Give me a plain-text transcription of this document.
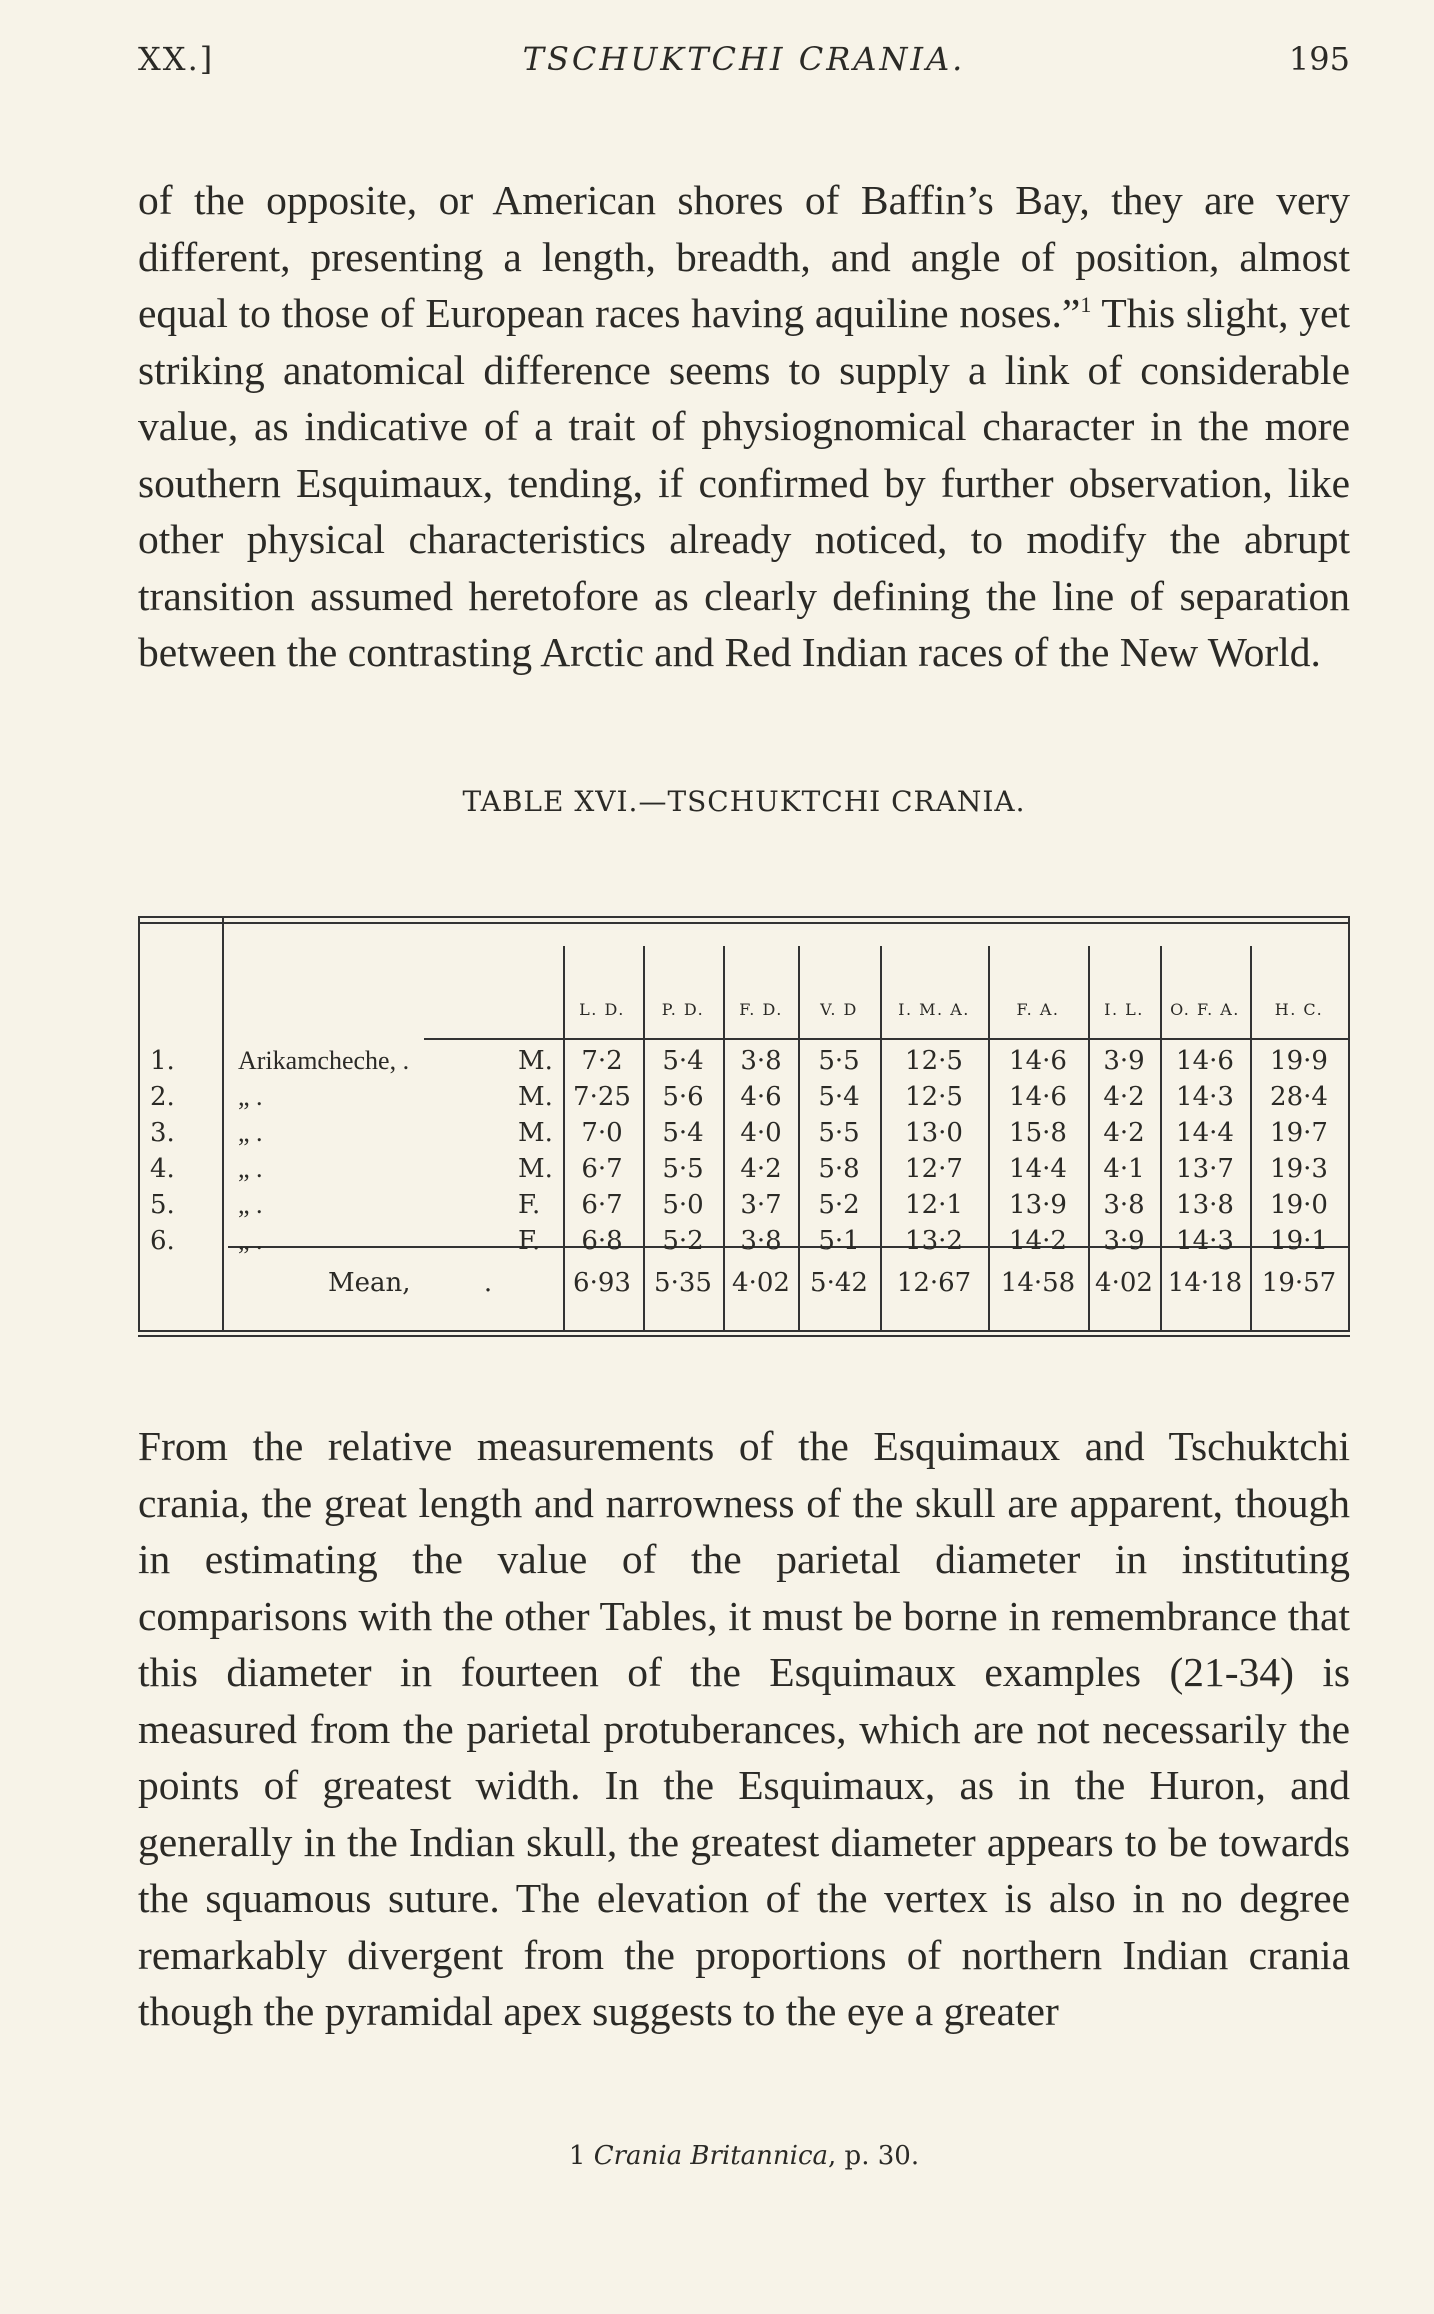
XX.]	TSCHUKTCHI CRANIA.	195

of the opposite, or American shores of Baffin’s Bay, they are very different, presenting a length, breadth, and angle of position, almost equal to those of European races having aquiline noses.”$^1$ This slight, yet striking anatomical difference seems to supply a link of considerable value, as indicative of a trait of physiognomical character in the more southern Esquimaux, tending, if confirmed by further observation, like other physical characteristics already noticed, to modify the abrupt transition assumed heretofore as clearly defining the line of separation between the contrasting Arctic and Red Indian races of the New World.

TABLE XVI.—TSCHUKTCHI CRANIA.
L. D.	P. D.	F. D.	V. D	I. M. A.	F. A.	I. L.	O. F. A.	H. C.
1.	Arikamcheche, .	M.	7·2	5·4	3·8	5·5	12·5	14·6	3·9	14·6	19·9
2.	„ .	M. 7·25	5·6	4·6	5·4	12·5	14·6	4·2	14·3	28·4
3.	„ .	M.	7·0	5·4	4·0	5·5	13·0	15·8	4·2	14·4	19·7
4.	„ .	M.	6·7	5·5	4·2	5·8	12·7	14·4	4·1	13·7	19·3
5.	„ .	F.	6·7	5·0	3·7	5·2	12·1	13·9	3·8	13·8	19·0
6.	„ .	F.	6·8	5·2	3·8	5·1	13·2	14·2	3·9	14·3	19·1
Mean,	.	6·93 5·35 4·02 5·42	12·67	14·58 4·02 14·18 19·57

From the relative measurements of the Esquimaux and Tschuktchi crania, the great length and narrowness of the skull are apparent, though in estimating the value of the parietal diameter in instituting comparisons with the other Tables, it must be borne in remembrance that this diameter in fourteen of the Esquimaux examples (21-34) is measured from the parietal protuberances, which are not necessarily the points of greatest width. In the Esquimaux, as in the Huron, and generally in the Indian skull, the greatest diameter appears to be towards the squamous suture. The elevation of the vertex is also in no degree remarkably divergent from the proportions of northern Indian crania though the pyramidal apex suggests to the eye a greater

1 Crania Britannica, p. 30.
